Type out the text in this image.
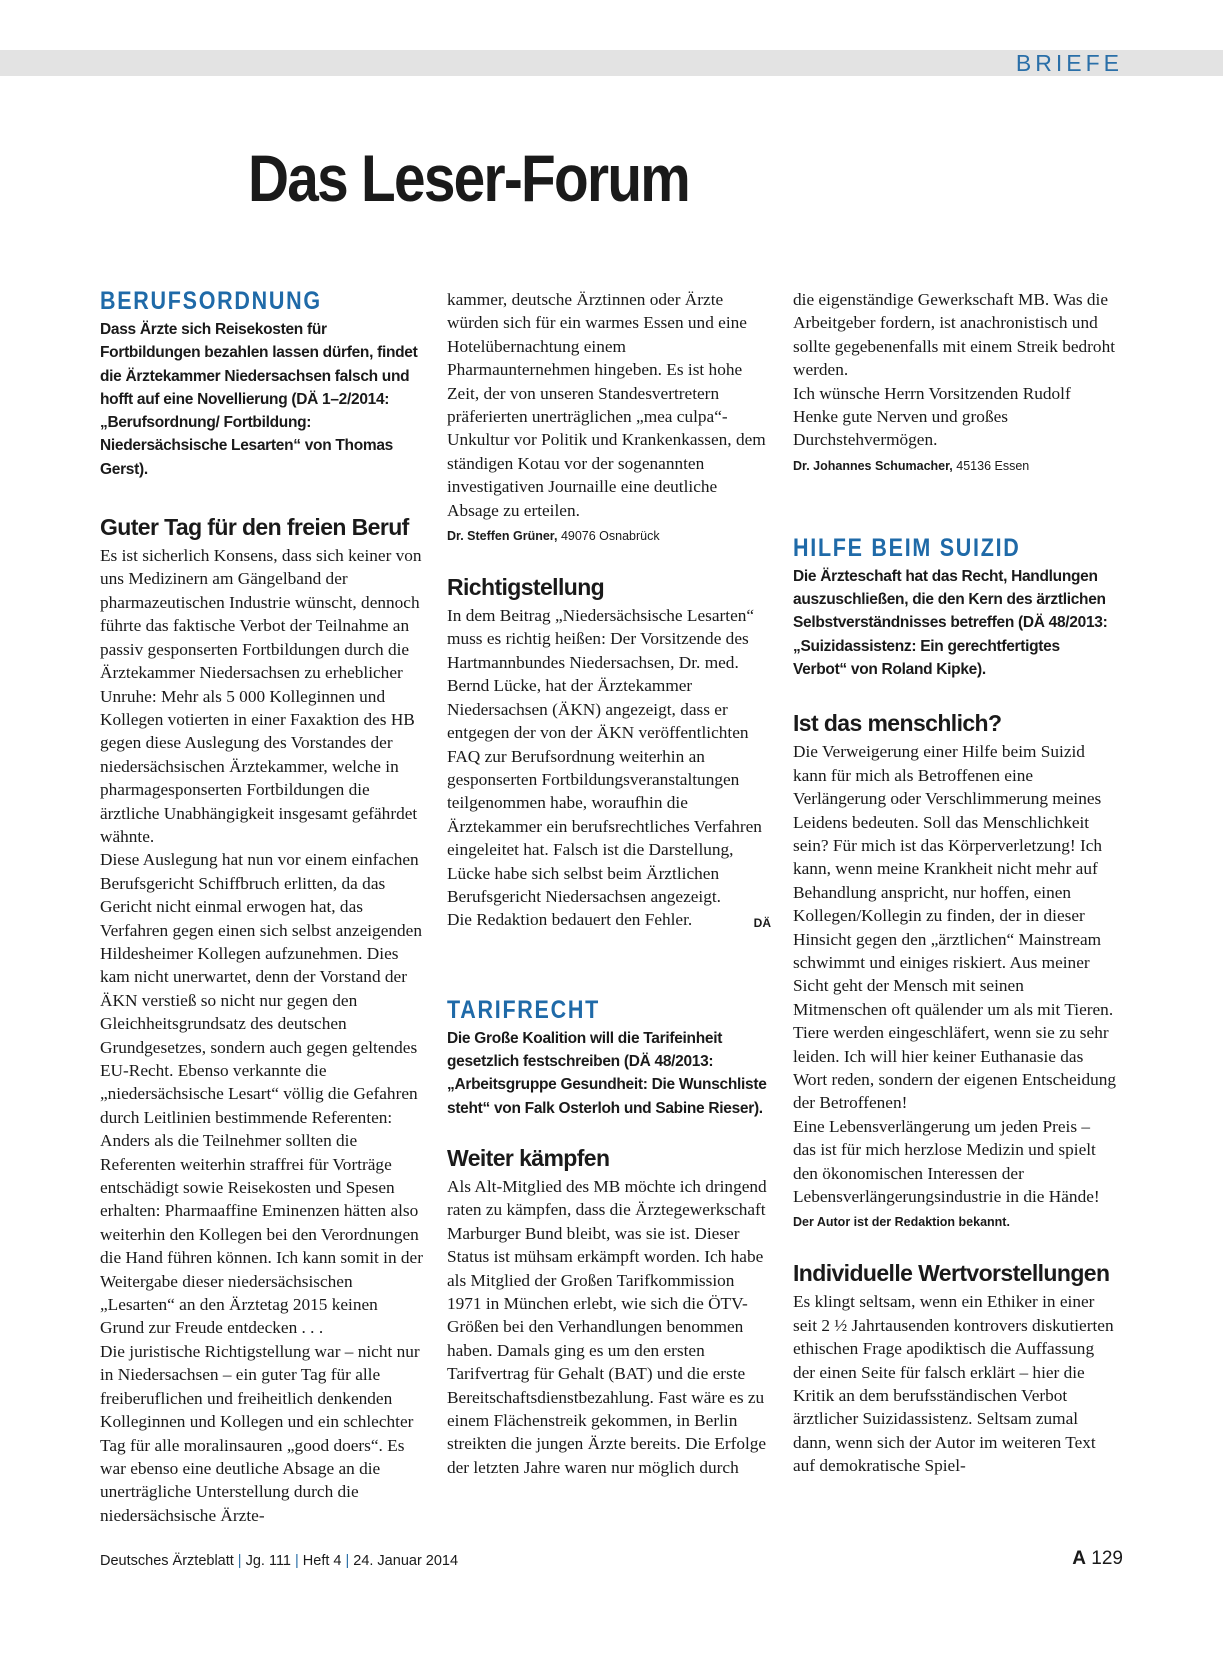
BRIEFE
Das Leser-Forum
BERUFSORDNUNG
Dass Ärzte sich Reisekosten für Fortbildungen bezahlen lassen dürfen, findet die Ärztekammer Niedersachsen falsch und hofft auf eine Novellierung (DÄ 1–2/2014: „Berufsordnung/ Fortbildung: Niedersächsische Lesarten“ von Thomas Gerst).
Guter Tag für den freien Beruf

Es ist sicherlich Konsens, dass sich keiner von uns Medizinern am Gängelband der pharmazeutischen Industrie wünscht, dennoch führte das faktische Verbot der Teilnahme an passiv gesponserten Fortbildungen durch die Ärztekammer Niedersachsen zu erheblicher Unruhe: Mehr als 5 000 Kolleginnen und Kollegen votierten in einer Faxaktion des HB gegen diese Auslegung des Vorstandes der niedersächsischen Ärztekammer, welche in pharmagesponserten Fortbildungen die ärztliche Unabhängigkeit insgesamt gefährdet wähnte.

Diese Auslegung hat nun vor einem einfachen Berufsgericht Schiffbruch erlitten, da das Gericht nicht einmal erwogen hat, das Verfahren gegen einen sich selbst anzeigenden Hildesheimer Kollegen aufzunehmen. Dies kam nicht unerwartet, denn der Vorstand der ÄKN verstieß so nicht nur gegen den Gleichheitsgrundsatz des deutschen Grundgesetzes, sondern auch gegen geltendes EU-Recht. Ebenso verkannte die „niedersächsische Lesart“ völlig die Gefahren durch Leitlinien bestimmende Referenten: Anders als die Teilnehmer sollten die Referenten weiterhin straffrei für Vorträge entschädigt sowie Reisekosten und Spesen erhalten: Pharmaaffine Eminenzen hätten also weiterhin den Kollegen bei den Verordnungen die Hand führen können. Ich kann somit in der Weitergabe dieser niedersächsischen „Lesarten“ an den Ärztetag 2015 keinen Grund zur Freude entdecken . . .

Die juristische Richtigstellung war – nicht nur in Niedersachsen – ein guter Tag für alle freiberuflichen und freiheitlich denkenden Kolleginnen und Kollegen und ein schlechter Tag für alle moralinsauren „good doers“. Es war ebenso eine deutliche Absage an die unerträgliche Unterstellung durch die niedersächsische Ärzte-

kammer, deutsche Ärztinnen oder Ärzte würden sich für ein warmes Essen und eine Hotelübernachtung einem Pharmaunternehmen hingeben. Es ist hohe Zeit, der von unseren Standesvertretern präferierten unerträglichen „mea culpa“-Unkultur vor Politik und Krankenkassen, dem ständigen Kotau vor der sogenannten investigativen Journaille eine deutliche Absage zu erteilen.

Dr. Steffen Grüner, 49076 Osnabrück
Richtigstellung

In dem Beitrag „Niedersächsische Lesarten“ muss es richtig heißen: Der Vorsitzende des Hartmannbundes Niedersachsen, Dr. med. Bernd Lücke, hat der Ärztekammer Niedersachsen (ÄKN) angezeigt, dass er entgegen der von der ÄKN veröffentlichten FAQ zur Berufsordnung weiterhin an gesponserten Fortbildungsveranstaltungen teilgenommen habe, woraufhin die Ärztekammer ein berufsrechtliches Verfahren eingeleitet hat. Falsch ist die Darstellung, Lücke habe sich selbst beim Ärztlichen Berufsgericht Niedersachsen angezeigt.

Die Redaktion bedauert den Fehler.	DÄ

TARIFRECHT
Die Große Koalition will die Tarifeinheit gesetzlich festschreiben (DÄ 48/2013: „Arbeitsgruppe Gesundheit: Die Wunschliste steht“ von Falk Osterloh und Sabine Rieser).
Weiter kämpfen

Als Alt-Mitglied des MB möchte ich dringend raten zu kämpfen, dass die Ärztegewerkschaft Marburger Bund bleibt, was sie ist. Dieser Status ist mühsam erkämpft worden. Ich habe als Mitglied der Großen Tarifkommission 1971 in München erlebt, wie sich die ÖTV-Größen bei den Verhandlungen benommen haben. Damals ging es um den ersten Tarifvertrag für Gehalt (BAT) und die erste Bereitschaftsdienstbezahlung. Fast wäre es zu einem Flächenstreik gekommen, in Berlin streikten die jungen Ärzte bereits. Die Erfolge der letzten Jahre waren nur möglich durch

die eigenständige Gewerkschaft MB. Was die Arbeitgeber fordern, ist anachronistisch und sollte gegebenenfalls mit einem Streik bedroht werden.

Ich wünsche Herrn Vorsitzenden Rudolf Henke gute Nerven und großes Durchstehvermögen.

Dr. Johannes Schumacher, 45136 Essen
HILFE BEIM SUIZID
Die Ärzteschaft hat das Recht, Handlungen auszuschließen, die den Kern des ärztlichen Selbstverständnisses betreffen (DÄ 48/2013: „Suizidassistenz: Ein gerechtfertigtes Verbot“ von Roland Kipke).
Ist das menschlich?

Die Verweigerung einer Hilfe beim Suizid kann für mich als Betroffenen eine Verlängerung oder Verschlimmerung meines Leidens bedeuten. Soll das Menschlichkeit sein? Für mich ist das Körperverletzung! Ich kann, wenn meine Krankheit nicht mehr auf Behandlung anspricht, nur hoffen, einen Kollegen/Kollegin zu finden, der in dieser Hinsicht gegen den „ärztlichen“ Mainstream schwimmt und einiges riskiert. Aus meiner Sicht geht der Mensch mit seinen Mitmenschen oft quälender um als mit Tieren. Tiere werden eingeschläfert, wenn sie zu sehr leiden. Ich will hier keiner Euthanasie das Wort reden, sondern der eigenen Entscheidung der Betroffenen!

Eine Lebensverlängerung um jeden Preis – das ist für mich herzlose Medizin und spielt den ökonomischen Interessen der Lebensverlängerungsindustrie in die Hände!

Der Autor ist der Redaktion bekannt.
Individuelle Wertvorstellungen

Es klingt seltsam, wenn ein Ethiker in einer seit 2 ½ Jahrtausenden kontrovers diskutierten ethischen Frage apodiktisch die Auffassung der einen Seite für falsch erklärt – hier die Kritik an dem berufsständischen Verbot ärztlicher Suizidassistenz. Seltsam zumal dann, wenn sich der Autor im weiteren Text auf demokratische Spiel-

Deutsches Ärzteblatt | Jg. 111 | Heft 4 | 24. Januar 2014	A 129
